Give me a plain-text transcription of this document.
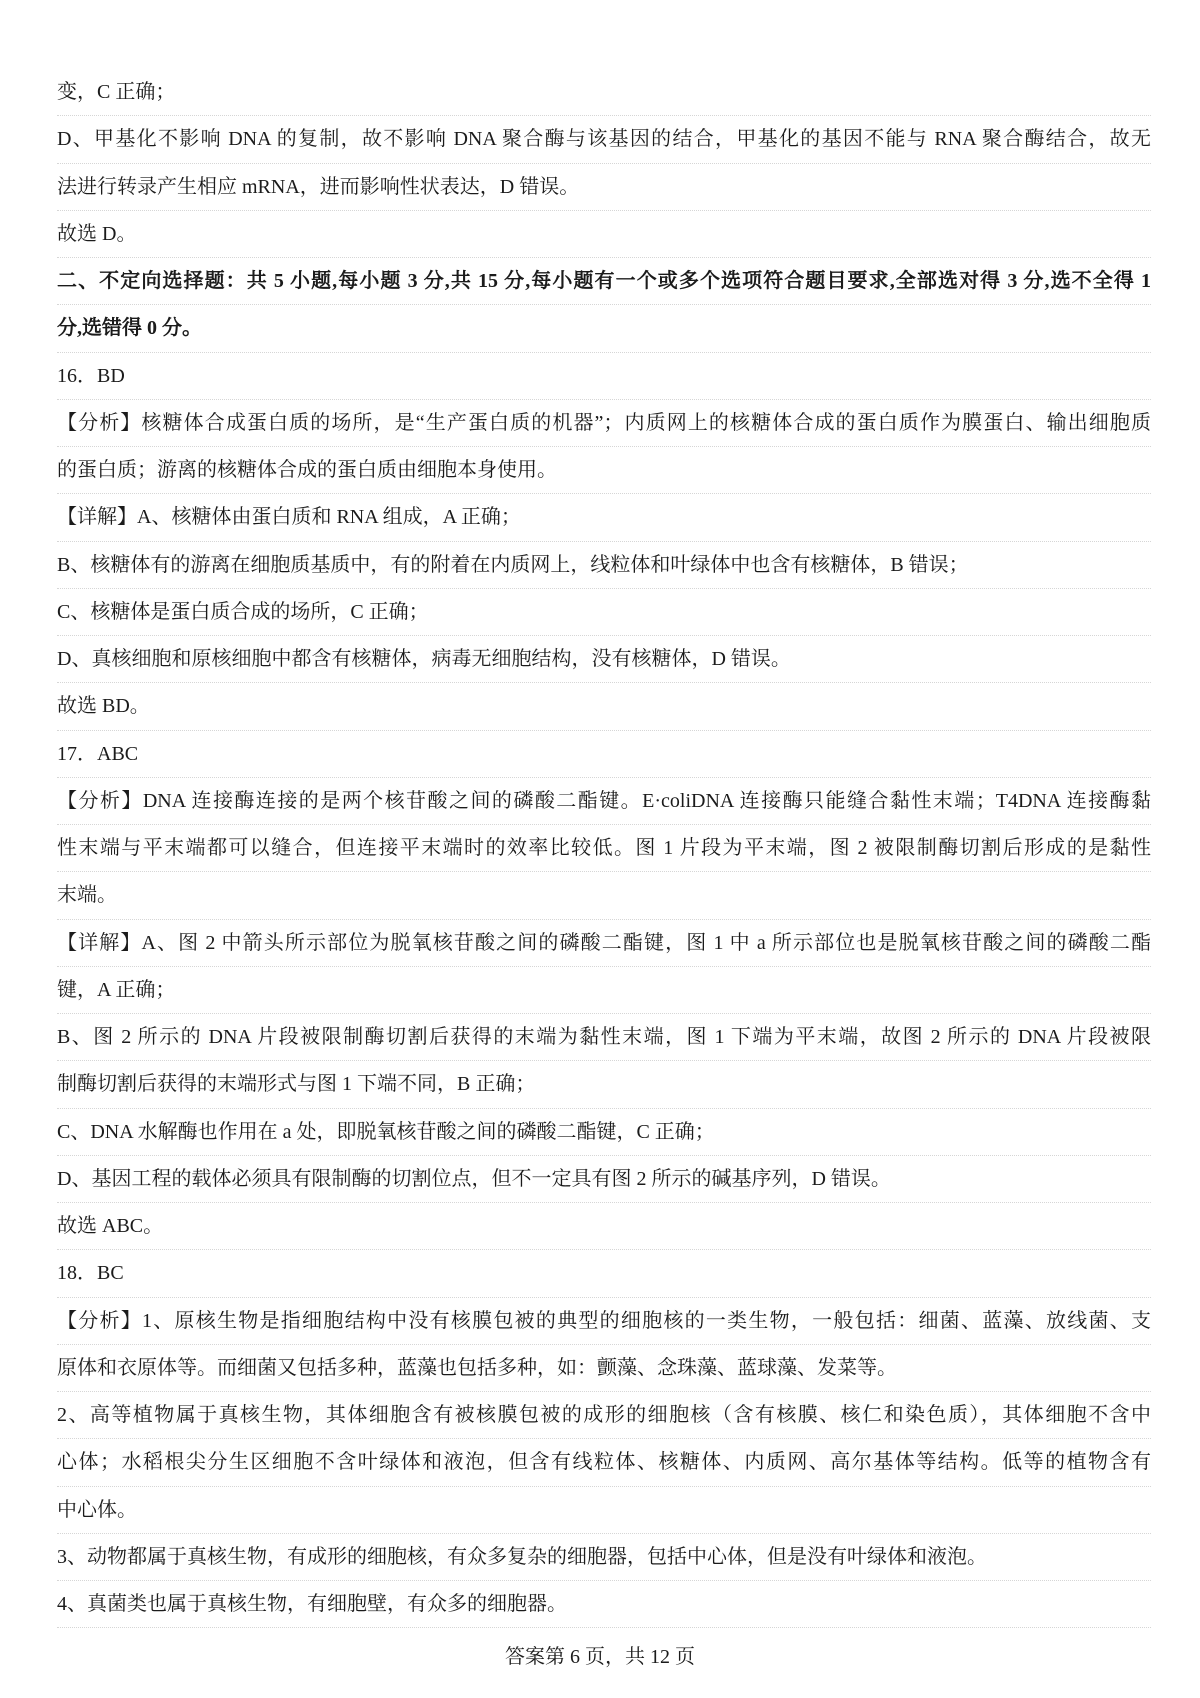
变，C 正确；
D、甲基化不影响 DNA 的复制，故不影响 DNA 聚合酶与该基因的结合，甲基化的基因不能与 RNA 聚合酶结合，故无
法进行转录产生相应 mRNA，进而影响性状表达，D 错误。
故选 D。
二、不定向选择题：共 5 小题,每小题 3 分,共 15 分,每小题有一个或多个选项符合题目要求,全部选对得 3 分,选不全得 1
分,选错得 0 分。
16．BD
【分析】核糖体合成蛋白质的场所，是“生产蛋白质的机器”；内质网上的核糖体合成的蛋白质作为膜蛋白、输出细胞质
的蛋白质；游离的核糖体合成的蛋白质由细胞本身使用。
【详解】A、核糖体由蛋白质和 RNA 组成，A 正确；
B、核糖体有的游离在细胞质基质中，有的附着在内质网上，线粒体和叶绿体中也含有核糖体，B 错误；
C、核糖体是蛋白质合成的场所，C 正确；
D、真核细胞和原核细胞中都含有核糖体，病毒无细胞结构，没有核糖体，D 错误。
故选 BD。
17．ABC
【分析】DNA 连接酶连接的是两个核苷酸之间的磷酸二酯键。E·coliDNA 连接酶只能缝合黏性末端；T4DNA 连接酶黏
性末端与平末端都可以缝合，但连接平末端时的效率比较低。图 1 片段为平末端，图 2 被限制酶切割后形成的是黏性
末端。
【详解】A、图 2 中箭头所示部位为脱氧核苷酸之间的磷酸二酯键，图 1 中 a 所示部位也是脱氧核苷酸之间的磷酸二酯
键，A 正确；
B、图 2 所示的 DNA 片段被限制酶切割后获得的末端为黏性末端，图 1 下端为平末端，故图 2 所示的 DNA 片段被限
制酶切割后获得的末端形式与图 1 下端不同，B 正确；
C、DNA 水解酶也作用在 a 处，即脱氧核苷酸之间的磷酸二酯键，C 正确；
D、基因工程的载体必须具有限制酶的切割位点，但不一定具有图 2 所示的碱基序列，D 错误。
故选 ABC。
18．BC
【分析】1、原核生物是指细胞结构中没有核膜包被的典型的细胞核的一类生物，一般包括：细菌、蓝藻、放线菌、支
原体和衣原体等。而细菌又包括多种，蓝藻也包括多种，如：颤藻、念珠藻、蓝球藻、发菜等。
2、高等植物属于真核生物，其体细胞含有被核膜包被的成形的细胞核（含有核膜、核仁和染色质），其体细胞不含中
心体；水稻根尖分生区细胞不含叶绿体和液泡，但含有线粒体、核糖体、内质网、高尔基体等结构。低等的植物含有
中心体。
3、动物都属于真核生物，有成形的细胞核，有众多复杂的细胞器，包括中心体，但是没有叶绿体和液泡。
4、真菌类也属于真核生物，有细胞壁，有众多的细胞器。
答案第 6 页，共 12 页
